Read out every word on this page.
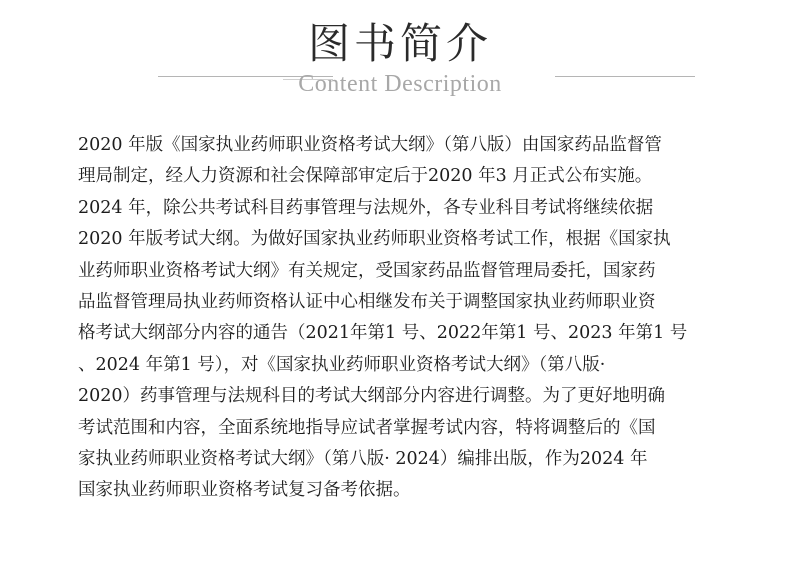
图书简介
Content Description
2020 年版《国家执业药师职业资格考试大纲》（第八版）由国家药品监督管
理局制定，经人力资源和社会保障部审定后于2020 年3 月正式公布实施。
2024 年，除公共考试科目药事管理与法规外，各专业科目考试将继续依据
2020 年版考试大纲。为做好国家执业药师职业资格考试工作，根据《国家执
业药师职业资格考试大纲》有关规定，受国家药品监督管理局委托，国家药
品监督管理局执业药师资格认证中心相继发布关于调整国家执业药师职业资
格考试大纲部分内容的通告（2021年第1 号、2022年第1 号、2023 年第1 号
、2024 年第1 号），对《国家执业药师职业资格考试大纲》（第八版·
2020）药事管理与法规科目的考试大纲部分内容进行调整。为了更好地明确
考试范围和内容，全面系统地指导应试者掌握考试内容，特将调整后的《国
家执业药师职业资格考试大纲》（第八版· 2024）编排出版，作为2024 年
国家执业药师职业资格考试复习备考依据。
